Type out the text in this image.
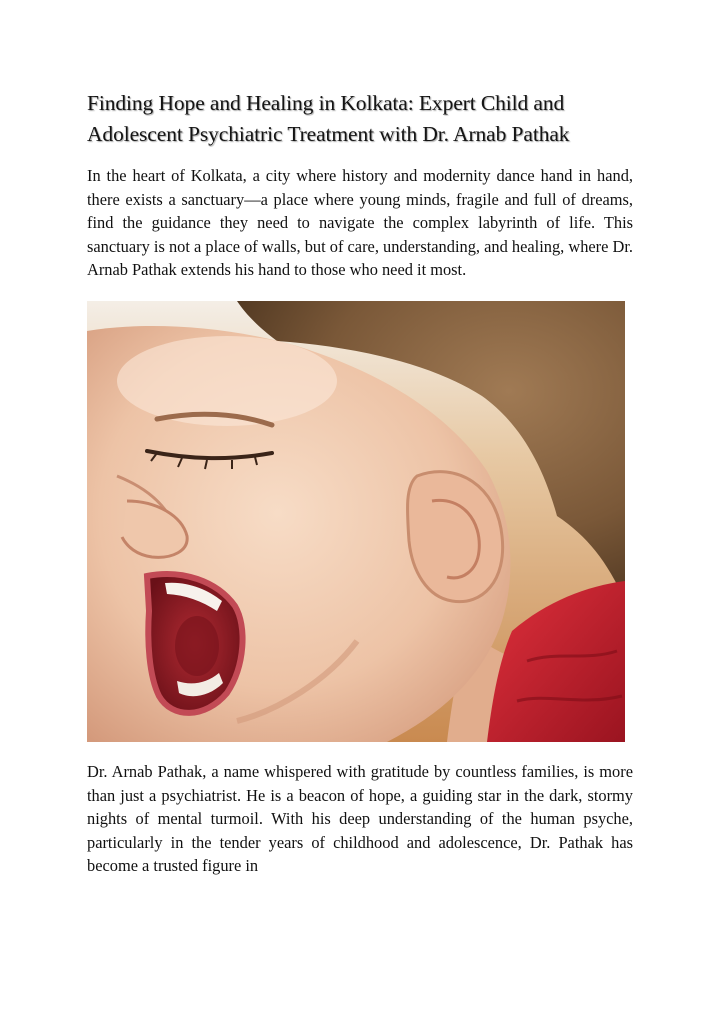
Finding Hope and Healing in Kolkata: Expert Child and
Adolescent Psychiatric Treatment with Dr. Arnab Pathak

In the heart of Kolkata, a city where history and modernity dance hand in hand, there exists a sanctuary—a place where young minds, fragile and full of dreams, find the guidance they need to navigate the complex labyrinth of life. This sanctuary is not a place of walls, but of care, understanding, and healing, where Dr. Arnab Pathak extends his hand to those who need it most.

Dr. Arnab Pathak, a name whispered with gratitude by countless families, is more than just a psychiatrist. He is a beacon of hope, a guiding star in the dark, stormy nights of mental turmoil. With his deep understanding of the human psyche, particularly in the tender years of childhood and adolescence, Dr. Pathak has become a trusted figure in
